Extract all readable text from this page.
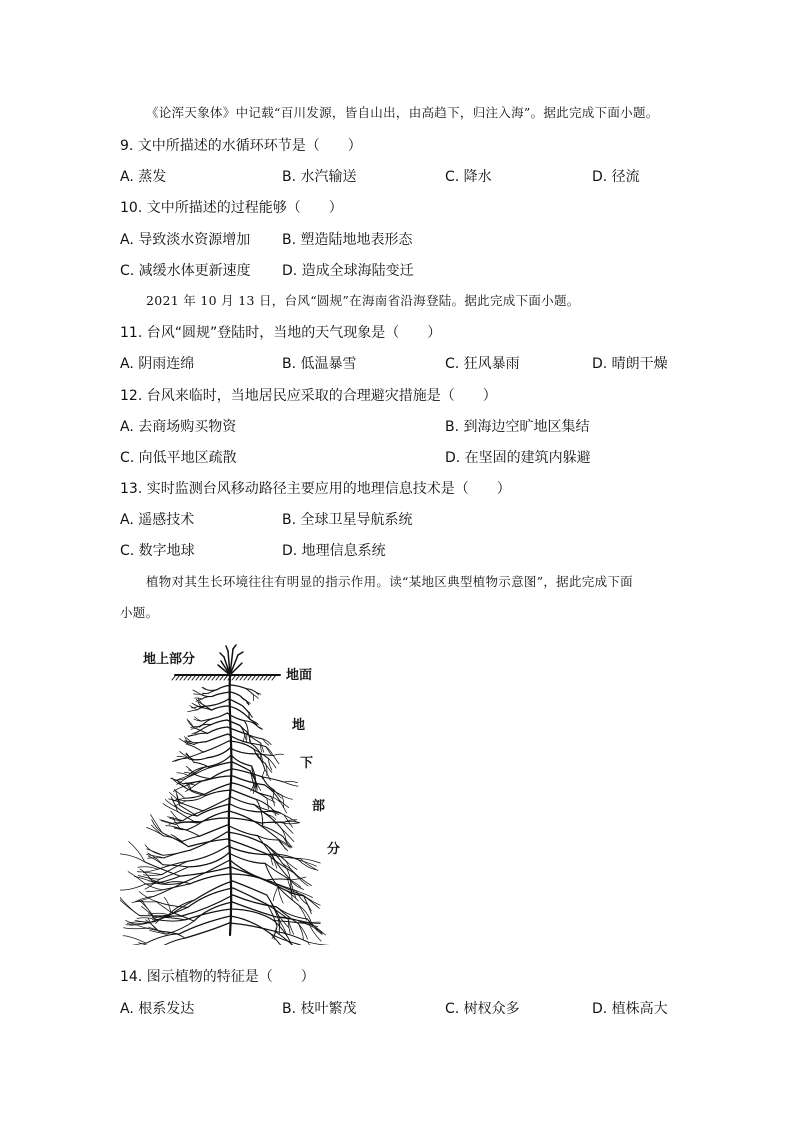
《论浑天象体》中记载“百川发源，皆自山出，由高趋下，归注入海”。据此完成下面小题。
9. 文中所描述的水循环环节是（　　）
A. 蒸发	B. 水汽输送	C. 降水	D. 径流
10. 文中所描述的过程能够（　　）
A. 导致淡水资源增加 B. 塑造陆地地表形态
C. 减缓水体更新速度 D. 造成全球海陆变迁
2021 年 10 月 13 日，台风“圆规”在海南省沿海登陆。据此完成下面小题。
11. 台风“圆规”登陆时，当地的天气现象是（　　）
A. 阴雨连绵	B. 低温暴雪	C. 狂风暴雨	D. 晴朗干燥
12. 台风来临时，当地居民应采取的合理避灾措施是（　　）
A. 去商场购买物资	B. 到海边空旷地区集结
C. 向低平地区疏散	D. 在坚固的建筑内躲避
13. 实时监测台风移动路径主要应用的地理信息技术是（　　）
A. 遥感技术	B. 全球卫星导航系统
C. 数字地球	D. 地理信息系统
植物对其生长环境往往有明显的指示作用。读“某地区典型植物示意图”，据此完成下面
小题。
地上部分
地面
地
下
部
分
14. 图示植物的特征是（　　）
A. 根系发达	B. 枝叶繁茂	C. 树杈众多	D. 植株高大
